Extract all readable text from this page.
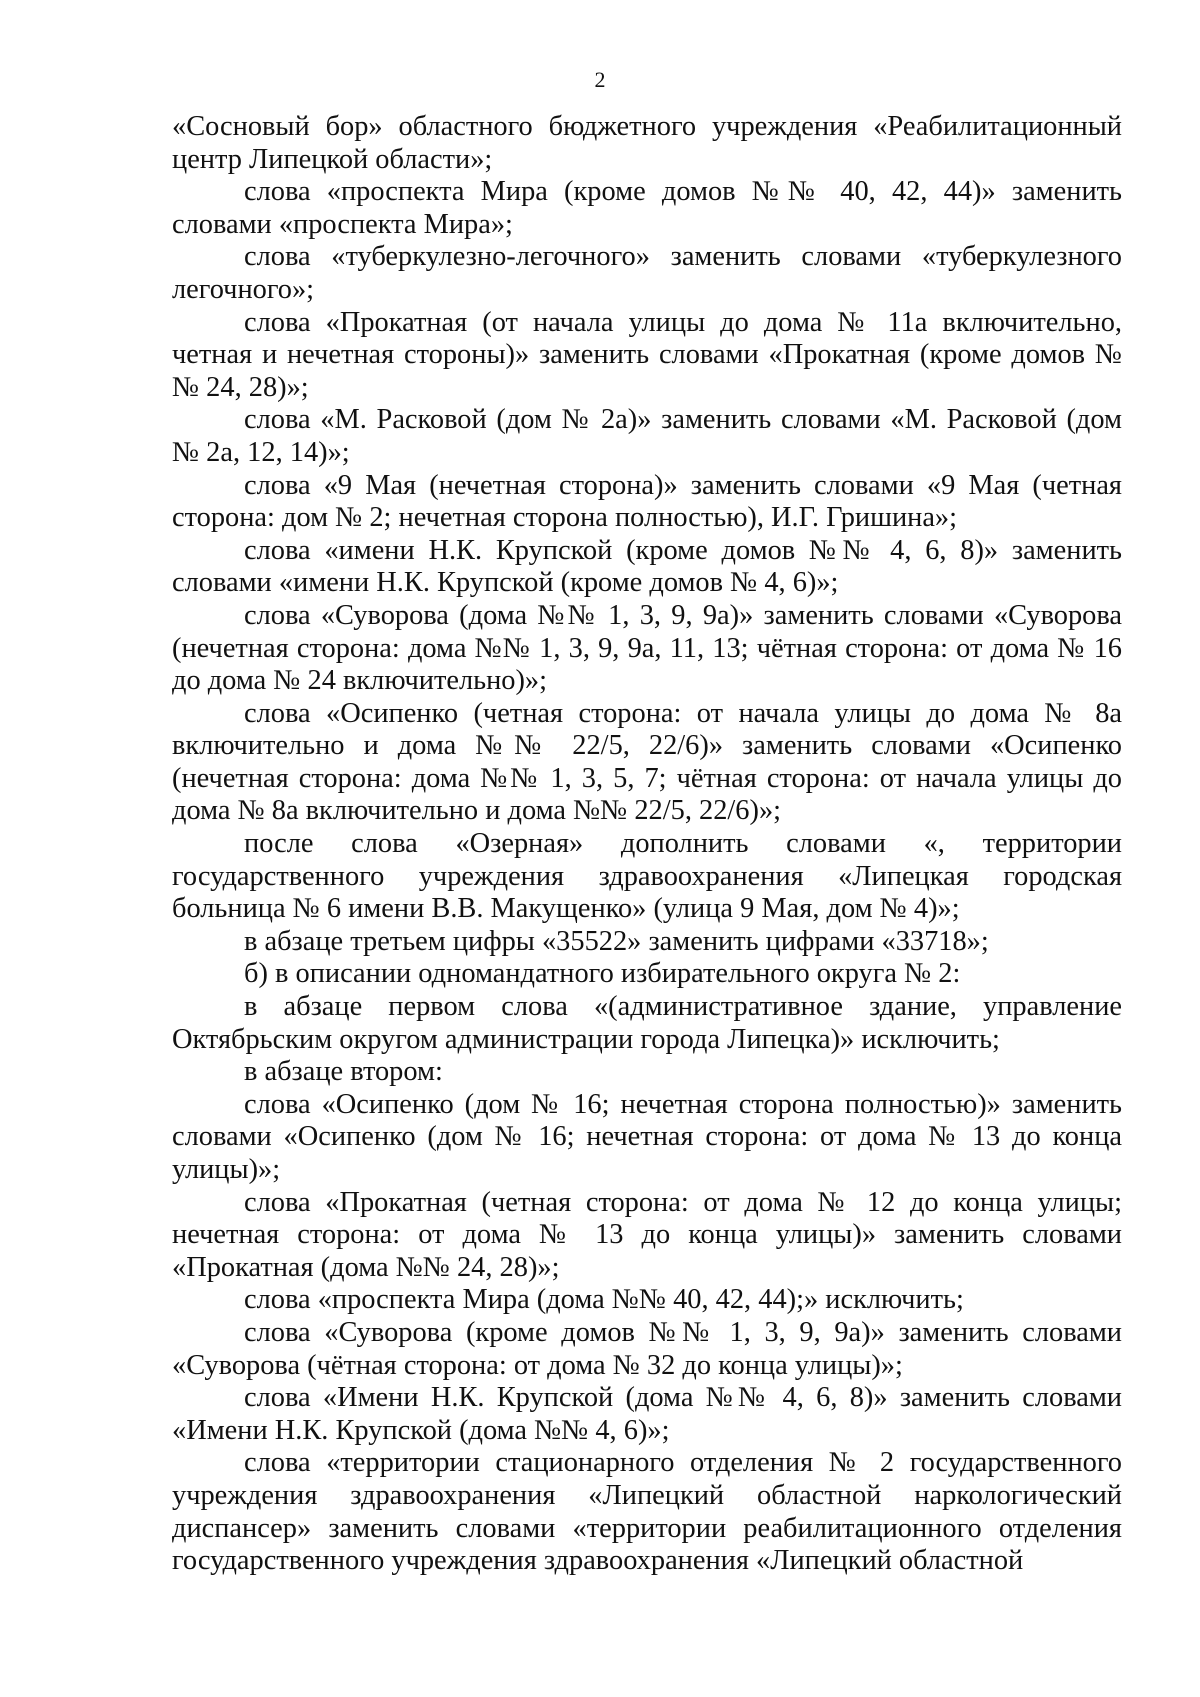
2

«Сосновый бор» областного бюджетного учреждения «Реабилитационный центр Липецкой области»;

слова «проспекта Мира (кроме домов №№ 40, 42, 44)» заменить словами «проспекта Мира»;

слова «туберкулезно-легочного» заменить словами «туберкулезного легочного»;

слова «Прокатная (от начала улицы до дома № 11а включительно, четная и нечетная стороны)» заменить словами «Прокатная (кроме домов №№ 24, 28)»;

слова «М. Расковой (дом № 2а)» заменить словами «М. Расковой (дом № 2а, 12, 14)»;

слова «9 Мая (нечетная сторона)» заменить словами «9 Мая (четная сторона: дом № 2; нечетная сторона полностью), И.Г. Гришина»;

слова «имени Н.К. Крупской (кроме домов №№ 4, 6, 8)» заменить словами «имени Н.К. Крупской (кроме домов № 4, 6)»;

слова «Суворова (дома №№ 1, 3, 9, 9а)» заменить словами «Суворова (нечетная сторона: дома №№ 1, 3, 9, 9а, 11, 13; чётная сторона: от дома № 16 до дома № 24 включительно)»;

слова «Осипенко (четная сторона: от начала улицы до дома № 8а включительно и дома №№ 22/5, 22/6)» заменить словами «Осипенко (нечетная сторона: дома №№ 1, 3, 5, 7; чётная сторона: от начала улицы до дома № 8а включительно и дома №№ 22/5, 22/6)»;

после слова «Озерная» дополнить словами «, территории государственного учреждения здравоохранения «Липецкая городская больница № 6 имени В.В. Макущенко» (улица 9 Мая, дом № 4)»;

в абзаце третьем цифры «35522» заменить цифрами «33718»;

б) в описании одномандатного избирательного округа № 2:

в абзаце первом слова «(административное здание, управление Октябрьским округом администрации города Липецка)» исключить;

в абзаце втором:

слова «Осипенко (дом № 16; нечетная сторона полностью)» заменить словами «Осипенко (дом № 16; нечетная сторона: от дома № 13 до конца улицы)»;

слова «Прокатная (четная сторона: от дома № 12 до конца улицы; нечетная сторона: от дома № 13 до конца улицы)» заменить словами «Прокатная (дома №№ 24, 28)»;

слова «проспекта Мира (дома №№ 40, 42, 44);» исключить;

слова «Суворова (кроме домов №№ 1, 3, 9, 9а)» заменить словами «Суворова (чётная сторона: от дома № 32 до конца улицы)»;

слова «Имени Н.К. Крупской (дома №№ 4, 6, 8)» заменить словами «Имени Н.К. Крупской (дома №№ 4, 6)»;

слова «территории стационарного отделения № 2 государственного учреждения здравоохранения «Липецкий областной наркологический диспансер» заменить словами «территории реабилитационного отделения государственного учреждения здравоохранения «Липецкий областной
